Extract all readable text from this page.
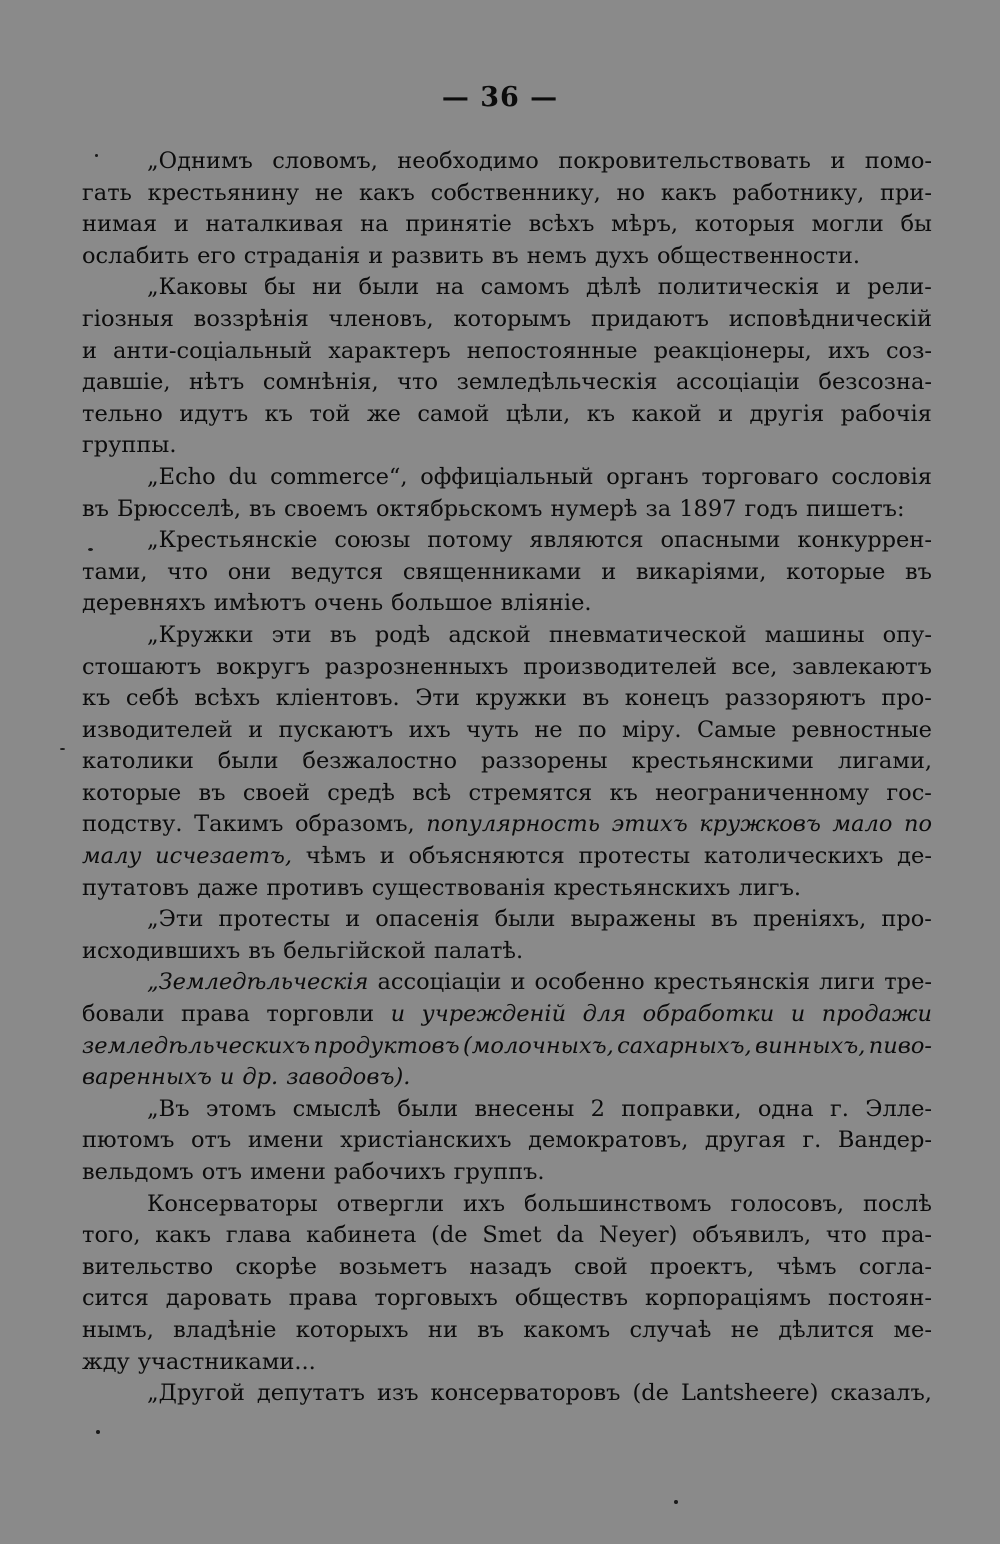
— 36 —
„Однимъ словомъ, необходимо покровительствовать и помо-
гать крестьянину не какъ собственнику, но какъ работнику, при-
нимая и наталкивая на принятіе всѣхъ мѣръ, которыя могли бы
ослабить его страданія и развить въ немъ духъ общественности.
„Каковы бы ни были на самомъ дѣлѣ политическія и рели-
гіозныя воззрѣнія членовъ, которымъ придаютъ исповѣдническій
и анти-соціальный характеръ непостоянные реакціонеры, ихъ соз-
давшіе, нѣтъ сомнѣнія, что земледѣльческія ассоціаціи безсозна-
тельно идутъ къ той же самой цѣли, къ какой и другія рабочія
группы.
„Echo du commerce“, оффиціальный органъ торговаго сословія
въ Брюсселѣ, въ своемъ октябрьскомъ нумерѣ за 1897 годъ пишетъ:
„Крестьянскіе союзы потому являются опасными конкуррен-
тами, что они ведутся священниками и викаріями, которые въ
деревняхъ имѣютъ очень большое вліяніе.
„Кружки эти въ родѣ адской пневматической машины опу-
стошаютъ вокругъ разрозненныхъ производителей все, завлекаютъ
къ себѣ всѣхъ кліентовъ. Эти кружки въ конецъ раззоряютъ про-
изводителей и пускаютъ ихъ чуть не по міру. Самые ревностные
католики были безжалостно раззорены крестьянскими лигами,
которые въ своей средѣ всѣ стремятся къ неограниченному гос-
подству. Такимъ образомъ, популярность этихъ кружковъ мало по
малу исчезаетъ, чѣмъ и объясняются протесты католическихъ де-
путатовъ даже противъ существованія крестьянскихъ лигъ.
„Эти протесты и опасенія были выражены въ преніяхъ, про-
исходившихъ въ бельгійской палатѣ.
„Земледѣльческія ассоціаціи и особенно крестьянскія лиги тре-
бовали права торговли и учрежденій для обработки и продажи
земледѣльческихъ продуктовъ (молочныхъ, сахарныхъ, винныхъ, пиво-
варенныхъ и др. заводовъ).
„Въ этомъ смыслѣ были внесены 2 поправки, одна г. Элле-
пютомъ отъ имени христіанскихъ демократовъ, другая г. Вандер-
вельдомъ отъ имени рабочихъ группъ.
Консерваторы отвергли ихъ большинствомъ голосовъ, послѣ
того, какъ глава кабинета (de Smet da Neyer) объявилъ, что пра-
вительство скорѣе возьметъ назадъ свой проектъ, чѣмъ согла-
сится даровать права торговыхъ обществъ корпораціямъ постоян-
нымъ, владѣніе которыхъ ни въ какомъ случаѣ не дѣлится ме-
жду участниками...
„Другой депутатъ изъ консерваторовъ (de Lantsheere) сказалъ,
